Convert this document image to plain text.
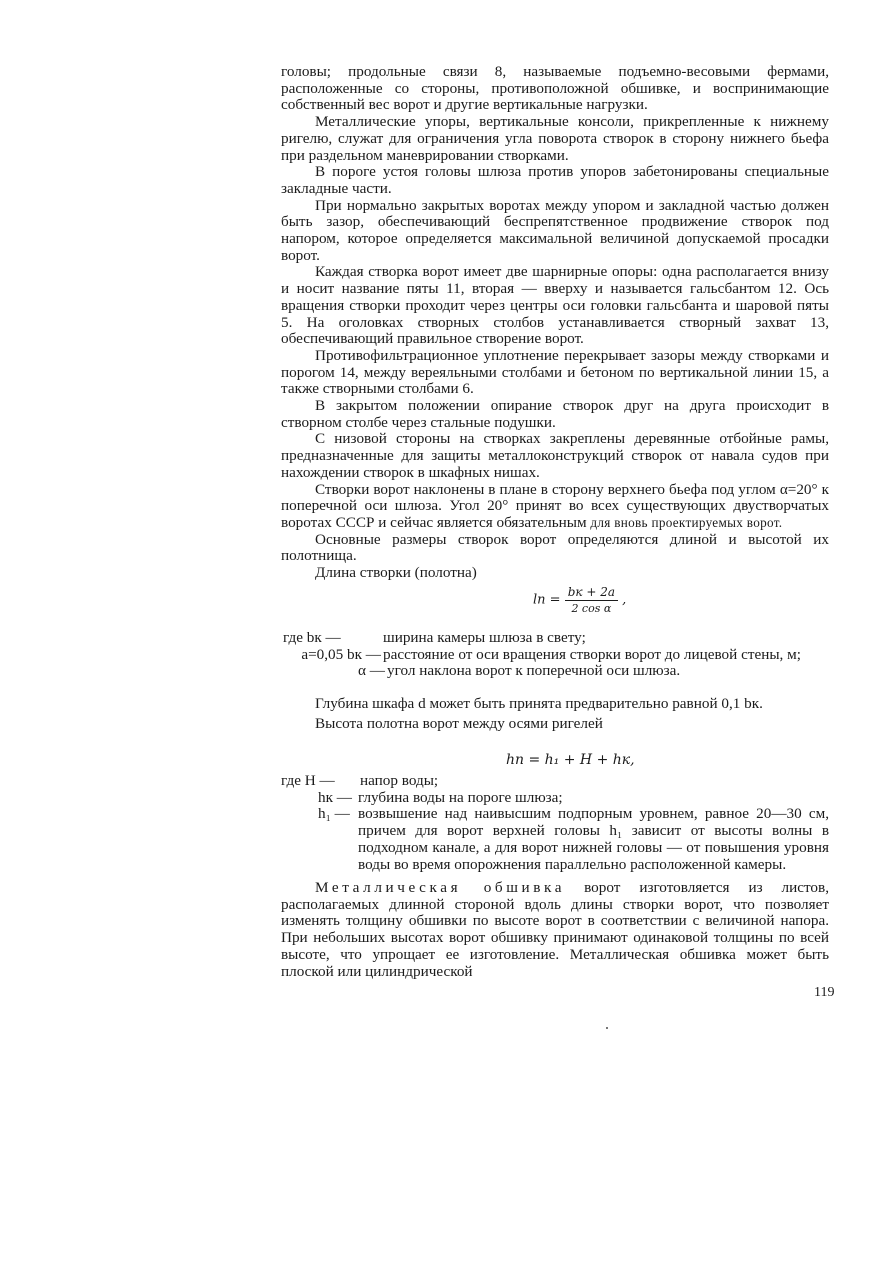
головы; продольные связи 8, называемые подъемно-весовыми фермами, расположенные со стороны, противоположной обшивке, и воспринимающие собственный вес ворот и другие вертикальные нагрузки.

Металлические упоры, вертикальные консоли, прикрепленные к нижнему ригелю, служат для ограничения угла поворота створок в сторону нижнего бьефа при раздельном маневрировании створками.

В пороге устоя головы шлюза против упоров забетонированы специальные закладные части.

При нормально закрытых воротах между упором и закладной частью должен быть зазор, обеспечивающий беспрепятственное продвижение створок под напором, которое определяется максимальной величиной допускаемой просадки ворот.

Каждая створка ворот имеет две шарнирные опоры: одна располагается внизу и носит название пяты 11, вторая — вверху и называется гальсбантом 12. Ось вращения створки проходит через центры оси головки гальсбанта и шаровой пяты 5. На оголовках створных столбов устанавливается створный захват 13, обеспечивающий правильное створение ворот.

Противофильтрационное уплотнение перекрывает зазоры между створками и порогом 14, между вереяльными столбами и бетоном по вертикальной линии 15, а также створными столбами 6.

В закрытом положении опирание створок друг на друга происходит в створном столбе через стальные подушки.

С низовой стороны на створках закреплены деревянные отбойные рамы, предназначенные для защиты металлоконструкций створок от навала судов при нахождении створок в шкафных нишах.

Створки ворот наклонены в плане в сторону верхнего бьефа под углом α=20° к поперечной оси шлюза. Угол 20° принят во всех существующих двустворчатых воротах СССР и сейчас является обязательным для вновь проектируемых ворот.

Основные размеры створок ворот определяются длиной и высотой их полотнища.

Длина створки (полотна)

lп = $\frac{bк + 2a}{\text{2 cos α}}$ ,
где bк —	ширина камеры шлюза в свету;
a=0,05 bк — расстояние от оси вращения створки ворот до лицевой стены, м;
α — угол наклона ворот к поперечной оси шлюза.

Глубина шкафа d может быть принята предварительно равной 0,1 bк.

Высота полотна ворот между осями ригелей

hп = h₁ + H + hк,
где H —	напор воды;
hк — глубина воды на пороге шлюза;
h₁ — возвышение над наивысшим подпорным уровнем, равное 20—30 см, причем для ворот верхней головы h₁ зависит от высоты волны в подходном канале, а для ворот нижней головы — от повышения уровня воды во время опорожнения параллельно расположенной камеры.

Металлическая обшивка ворот изготовляется из листов, располагаемых длинной стороной вдоль длины створки ворот, что позволяет изменять толщину обшивки по высоте ворот в соответствии с величиной напора. При небольших высотах ворот обшивку принимают одинаковой толщины по всей высоте, что упрощает ее изготовление. Металлическая обшивка может быть плоской или цилиндрической

119
